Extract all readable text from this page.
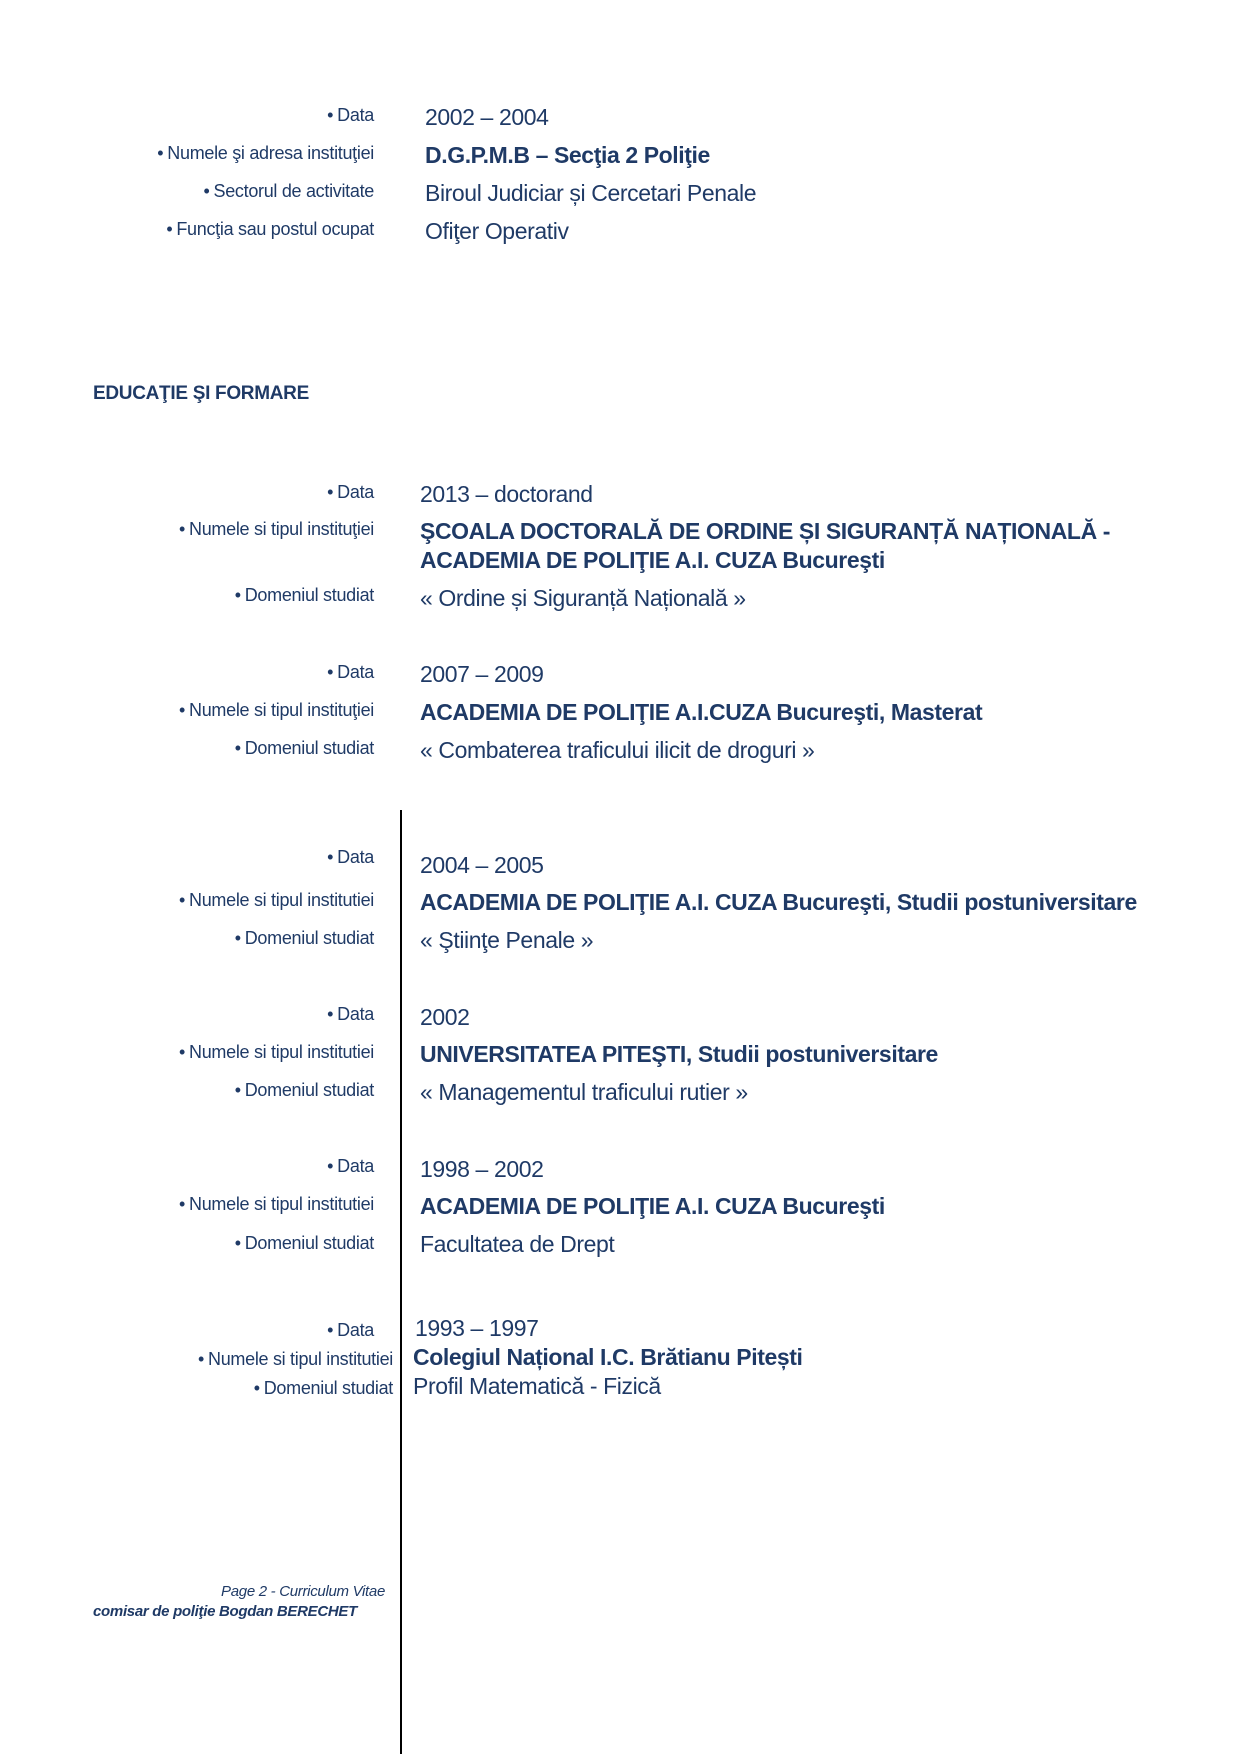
• Data
• Numele şi adresa instituţiei
• Sectorul de activitate
• Funcţia sau postul ocupat
2002 – 2004
D.G.P.M.B – Secţia 2 Poliţie
Biroul Judiciar și Cercetari Penale
Ofiţer Operativ
EDUCAŢIE ŞI FORMARE
• Data
• Numele si tipul instituţiei
• Domeniul studiat
2013 – doctorand
ŞCOALA DOCTORALĂ DE ORDINE ȘI SIGURANȚĂ NAȚIONALĂ -
ACADEMIA DE POLIŢIE A.I. CUZA Bucureşti
« Ordine și Siguranță Națională »
• Data
• Numele si tipul instituţiei
• Domeniul studiat
2007 – 2009
ACADEMIA DE POLIŢIE A.I.CUZA Bucureşti, Masterat
« Combaterea traficului ilicit de droguri »
• Data
• Numele si tipul institutiei
• Domeniul studiat
2004 – 2005
ACADEMIA DE POLIŢIE A.I. CUZA Bucureşti, Studii postuniversitare
« Ştiinţe Penale »
• Data
• Numele si tipul institutiei
• Domeniul studiat
2002
UNIVERSITATEA PITEŞTI, Studii postuniversitare
« Managementul traficului rutier »
• Data
• Numele si tipul institutiei
• Domeniul studiat
1998 – 2002
ACADEMIA DE POLIŢIE A.I. CUZA Bucureşti
Facultatea de Drept
• Data
• Numele si tipul institutiei
• Domeniul studiat
1993 – 1997
Colegiul Național I.C. Brătianu Pitești
Profil Matematică - Fizică
Page 2 - Curriculum Vitae
comisar de poliţie Bogdan BERECHET
